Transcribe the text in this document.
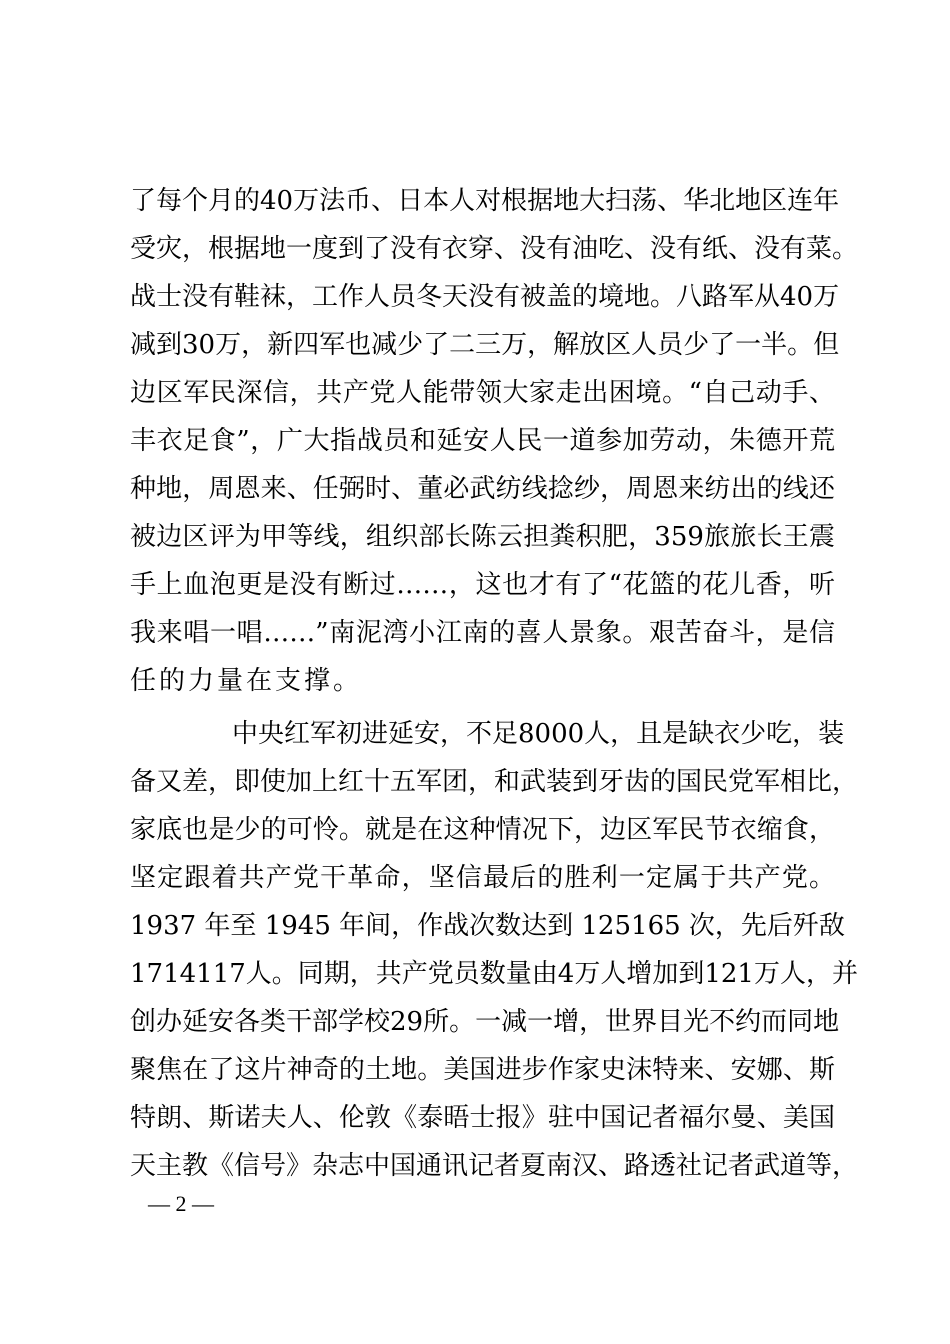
了每个月的40万法币、日本人对根据地大扫荡、华北地区连年
受灾，根据地一度到了没有衣穿、没有油吃、没有纸、没有菜。
战士没有鞋袜，工作人员冬天没有被盖的境地。八路军从40万
减到30万，新四军也减少了二三万，解放区人员少了一半。但
边区军民深信，共产党人能带领大家走出困境。“自己动手、
丰衣足食”，广大指战员和延安人民一道参加劳动，朱德开荒
种地，周恩来、任弼时、董必武纺线捻纱，周恩来纺出的线还
被边区评为甲等线，组织部长陈云担粪积肥，359旅旅长王震
手上血泡更是没有断过……，这也才有了“花篮的花儿香，听
我来唱一唱……”南泥湾小江南的喜人景象。艰苦奋斗，是信
任的力量在支撑。
中央红军初进延安，不足8000人，且是缺衣少吃，装
备又差，即使加上红十五军团，和武装到牙齿的国民党军相比，
家底也是少的可怜。就是在这种情况下，边区军民节衣缩食，
坚定跟着共产党干革命，坚信最后的胜利一定属于共产党。
1937 年至 1945 年间，作战次数达到 125165 次，先后歼敌
1714117人。同期，共产党员数量由4万人增加到121万人，并
创办延安各类干部学校29所。一减一增，世界目光不约而同地
聚焦在了这片神奇的土地。美国进步作家史沫特来、安娜、斯
特朗、斯诺夫人、伦敦《泰晤士报》驻中国记者福尔曼、美国
天主教《信号》杂志中国通讯记者夏南汉、路透社记者武道等，
— 2 —
